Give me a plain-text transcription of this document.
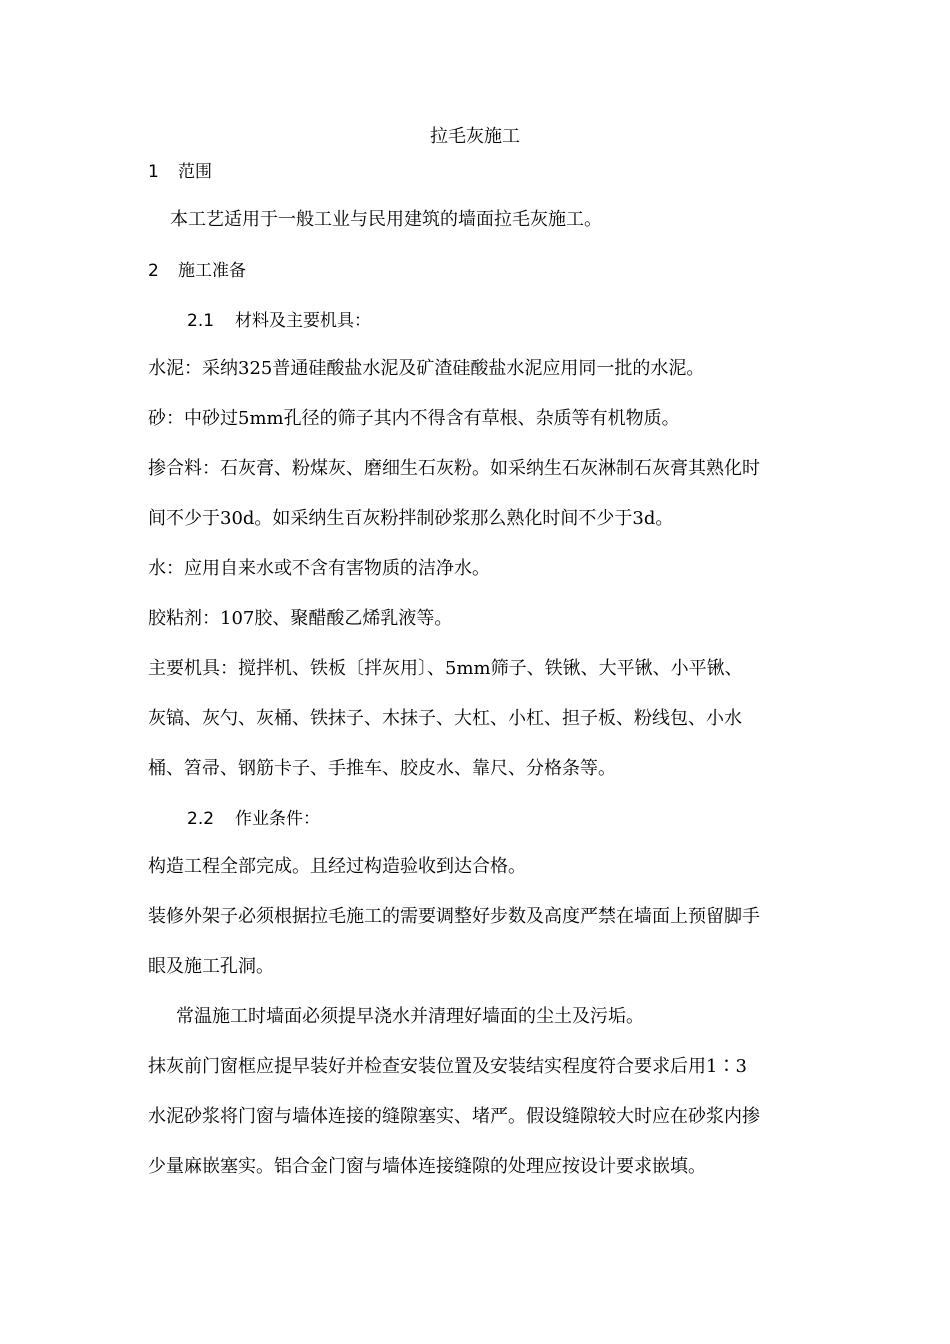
拉毛灰施工
1 范围
本工艺适用于一般工业与民用建筑的墙面拉毛灰施工。
2 施工准备
2.1 材料及主要机具：
水泥：采纳325普通硅酸盐水泥及矿渣硅酸盐水泥应用同一批的水泥。
砂：中砂过5mm孔径的筛子其内不得含有草根、杂质等有机物质。
掺合料：石灰膏、粉煤灰、磨细生石灰粉。如采纳生石灰淋制石灰膏其熟化时
间不少于30d。如采纳生百灰粉拌制砂浆那么熟化时间不少于3d。
水：应用自来水或不含有害物质的洁净水。
胶粘剂：107胶、聚醋酸乙烯乳液等。
主要机具：搅拌机、铁板〔拌灰用〕、5mm筛子、铁锹、大平锹、小平锹、
灰镐、灰勺、灰桶、铁抹子、木抹子、大杠、小杠、担子板、粉线包、小水
桶、笤帚、钢筋卡子、手推车、胶皮水、靠尺、分格条等。
2.2 作业条件：
构造工程全部完成。且经过构造验收到达合格。
装修外架子必须根据拉毛施工的需要调整好步数及高度严禁在墙面上预留脚手
眼及施工孔洞。
常温施工时墙面必须提早浇水并清理好墙面的尘土及污垢。
抹灰前门窗框应提早装好并检查安装位置及安装结实程度符合要求后用1∶3
水泥砂浆将门窗与墙体连接的缝隙塞实、堵严。假设缝隙较大时应在砂浆内掺
少量麻嵌塞实。铝合金门窗与墙体连接缝隙的处理应按设计要求嵌填。
